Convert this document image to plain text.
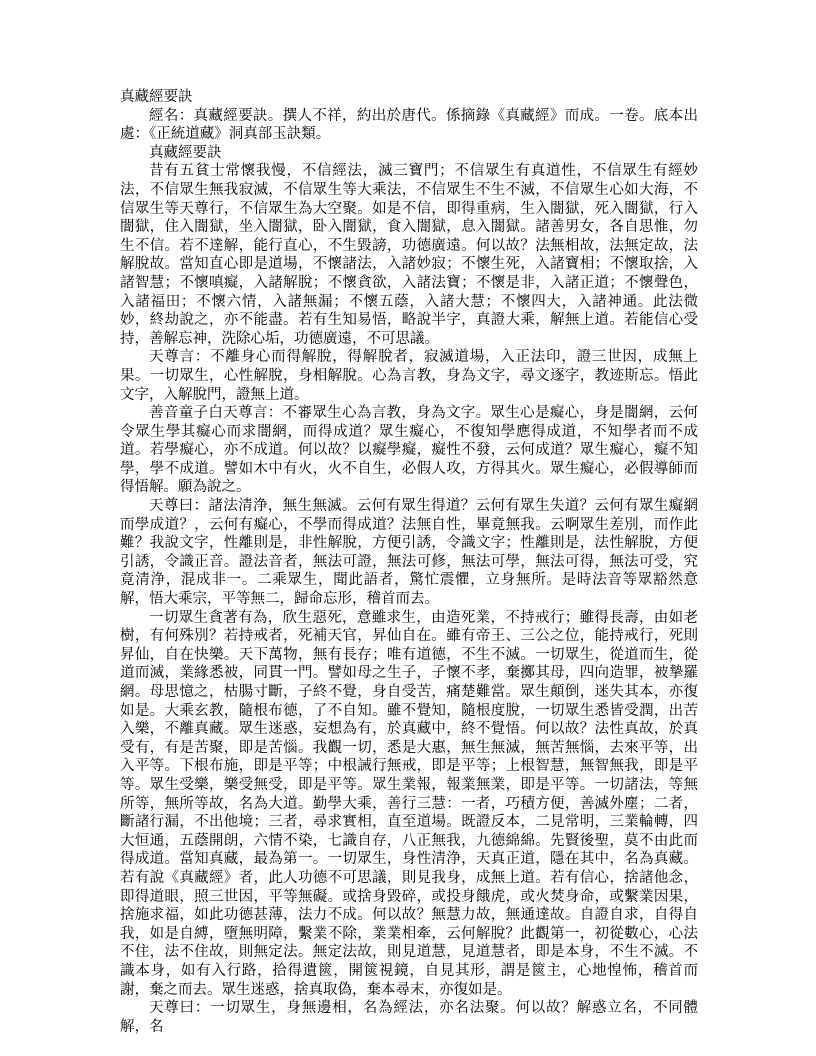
真藏經要訣

經名：真藏經要訣。撰人不祥，約出於唐代。係摘錄《真藏經》而成。一卷。底本出處：《正統道藏》洞真部玉訣類。

真藏經要訣

昔有五貧士常懷我慢，不信經法，滅三寶門；不信眾生有真道性，不信眾生有經妙法，不信眾生無我寂滅，不信眾生等大乘法，不信眾生不生不滅，不信眾生心如大海，不信眾生等天尊行，不信眾生為大空聚。如是不信，即得重病，生入闇獄，死入闇獄，行入闇獄，住入闇獄，坐入闇獄，卧入闇獄，食入闇獄，息入闇獄。諸善男女，各自思惟，勿生不信。若不達解，能行直心，不生毀謗，功德廣遠。何以故？法無相故，法無定故，法解脫故。當知直心即是道場，不懷諸法，入諸妙寂；不懷生死，入諸寶相；不懷取捨，入諸智慧；不懷嗔癡，入諸解脫；不懷貪欲，入諸法寶；不懷是非，入諸正道；不懷聲色，入諸福田；不懷六情，入諸無漏；不懷五蔭，入諸大慧；不懷四大，入諸神通。此法微妙，終劫說之，亦不能盡。若有生知易悟，略說半字，真證大乘，解無上道。若能信心受持，善解忘神，洗除心垢，功德廣遠，不可思議。

天尊言：不離身心而得解脫，得解脫者，寂滅道場，入正法印，證三世因，成無上果。一切眾生，心性解脫，身相解脫。心為言教，身為文字，尋文逐字，教迹斯忘。悟此文字，入解脫門，證無上道。

善音童子白天尊言：不審眾生心為言教，身為文字。眾生心是癡心，身是闇網，云何令眾生學其癡心而求闇網，而得成道？眾生癡心，不復知學應得成道，不知學者而不成道。若學癡心，亦不成道。何以故？以癡學癡，癡性不發，云何成道？眾生癡心，癡不知學，學不成道。譬如木中有火，火不自生，必假人攻，方得其火。眾生癡心，必假導師而得悟解。願為說之。

天尊曰：諸法清浄，無生無滅。云何有眾生得道？云何有眾生失道？云何有眾生癡網而學成道？，云何有癡心，不學而得成道？法無自性，畢竟無我。云啊眾生差別，而作此難？我說文字，性離則是，非性解脫，方便引誘，令識文字；性離則是，法性解脫，方便引誘，令識正音。證法音者，無法可證，無法可修，無法可學，無法可得，無法可受，究竟清浄，混成非一。二乘眾生，聞此語者，驚忙震懼，立身無所。是時法音等眾豁然意解，悟大乘宗，平等無二，歸命忘形，稽首而去。

一切眾生貪著有為，欣生惡死，意雖求生，由造死業，不持戒行；雖得長壽，由如老樹，有何殊別？若持戒者，死補天官，昇仙自在。雖有帝王、三公之位，能持戒行，死則昇仙，自在快樂。天下萬物，無有長存；唯有道德，不生不滅。一切眾生，從道而生，從道而滅，業緣悉被，同貫一門。譬如母之生子，子懷不孝，棄擲其母，四向造罪，被摯羅網。母思憶之，枯腸寸斷，子終不覺，身自受苦，痛楚難當。眾生顛倒，迷失其本，亦復如是。大乘玄教，隨根布德，了不自知。雖不覺知，隨根度脫，一切眾生悉皆受潤，出苦入樂，不離真藏。眾生迷惑，妄想為有，於真藏中，終不覺悟。何以故？法性真故，於真受有，有是苦聚，即是苦惱。我觀一切，悉是大惠，無生無滅，無苦無惱，去來平等，出入平等。下根布施，即是平等；中根誡行無戒，即是平等；上根智慧，無智無我，即是平等。眾生受樂，樂受無受，即是平等。眾生業報，報業無業，即是平等。一切諸法，等無所等，無所等故，名為大道。勤學大乘，善行三慧：一者，巧積方便，善滅外塵；二者，斷諸行漏，不出他境；三者，尋求實相，直至道場。既證反本，二見常明，三業輪轉，四大恒通，五蔭開朗，六情不染，七識自存，八正無我，九德綿綿。先賢後聖，莫不由此而得成道。當知真藏，最為第一。一切眾生，身性清浄，天真正道，隱在其中，名為真藏。若有說《真藏經》者，此人功德不可思議，則見我身，成無上道。若有信心，捨諸他念，即得道眼，照三世因，平等無礙。或捨身毀碎，或投身餓虎，或火焚身命，或繫業因果，捨施求福，如此功德甚薄，法力不成。何以故？無慧力故，無通達故。自證自求，自得自我，如是自縛，墮無明障，繫業不除，業業相牽，云何解脫？此觀第一，初從數心，心法不住，法不住故，則無定法。無定法故，則見道慧，見道慧者，即是本身，不生不滅。不識本身，如有入行路，拾得遺篋，開篋視鏡，自見其形，謂是篋主，心地惶怖，稽首而謝，棄之而去。眾生迷惑，捨真取偽，棄本尋末，亦復如是。

天尊曰：一切眾生，身無邊相，名為經法，亦名法聚。何以故？解惑立名，不同體解，名
